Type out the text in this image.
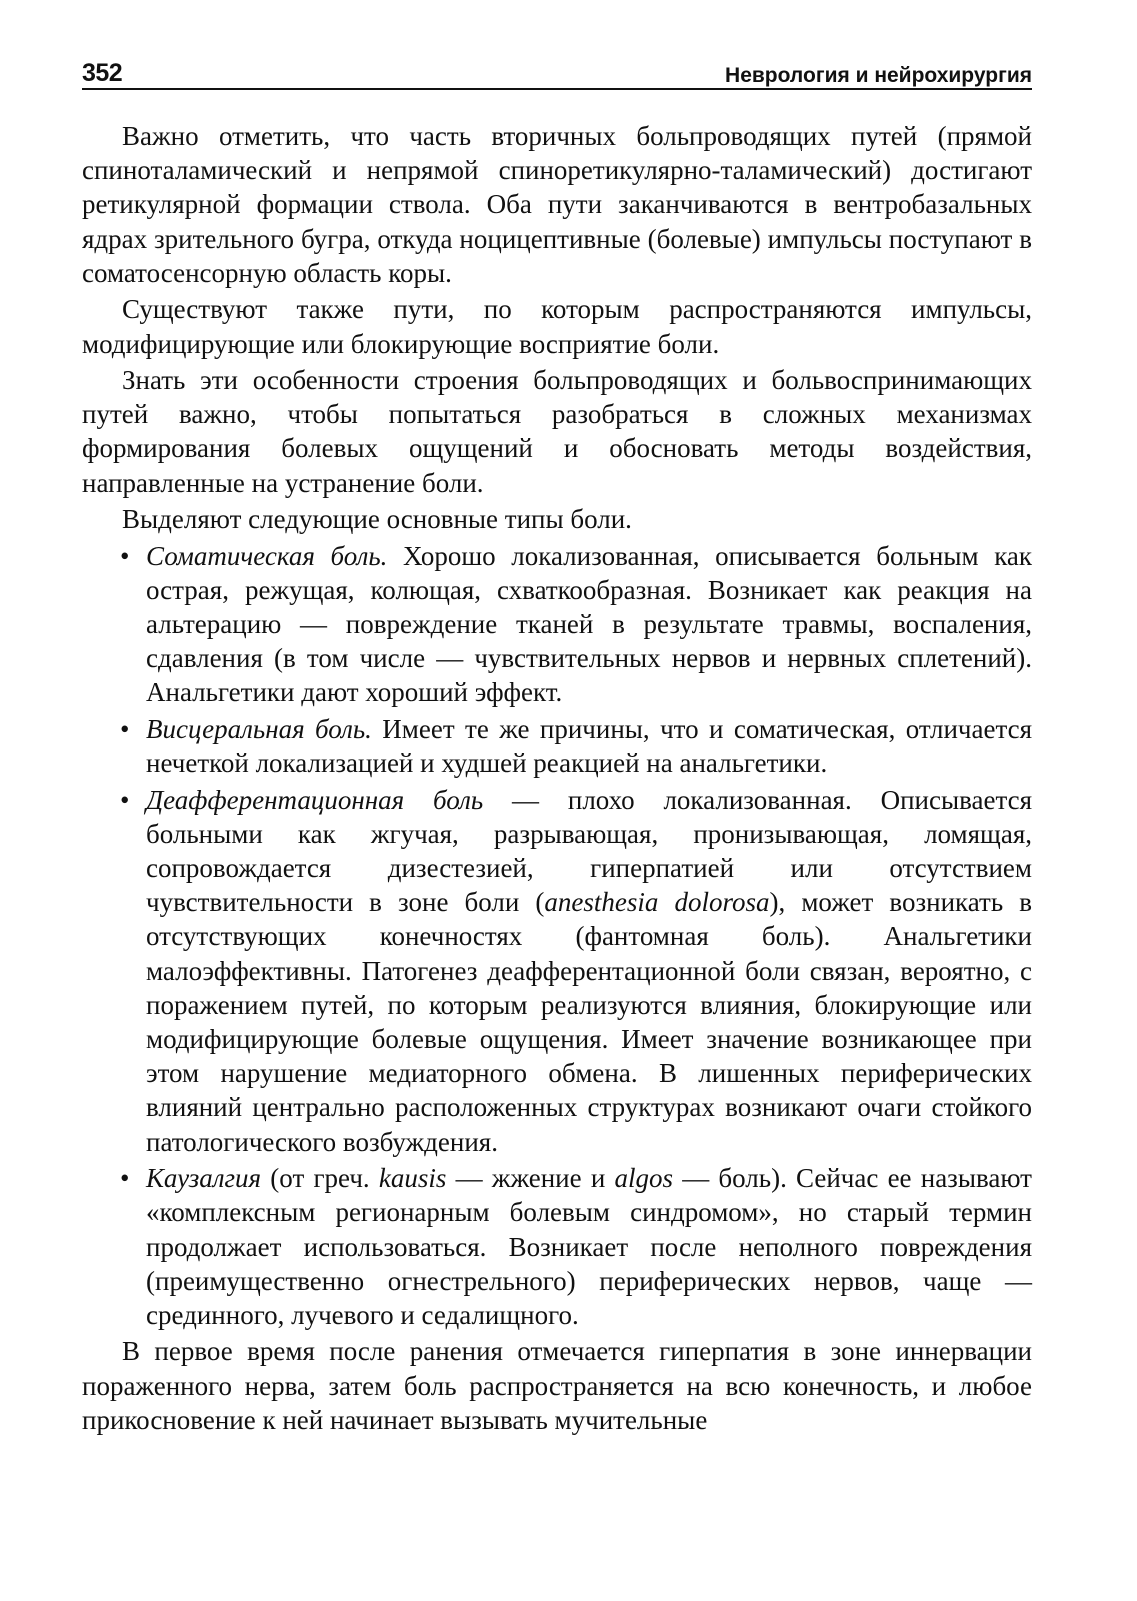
352	Неврология и нейрохирургия

Важно отметить, что часть вторичных больпроводящих путей (прямой спиноталамический и непрямой спиноретикулярно-таламический) достигают ретикулярной формации ствола. Оба пути заканчиваются в вентробазальных ядрах зрительного бугра, откуда ноцицептивные (болевые) импульсы поступают в соматосенсорную область коры.

Существуют также пути, по которым распространяются импульсы, модифицирующие или блокирующие восприятие боли.

Знать эти особенности строения больпроводящих и больвоспринимающих путей важно, чтобы попытаться разобраться в сложных механизмах формирования болевых ощущений и обосновать методы воздействия, направленные на устранение боли.

Выделяют следующие основные типы боли.

• Соматическая боль. Хорошо локализованная, описывается больным как острая, режущая, колющая, схваткообразная. Возникает как реакция на альтерацию — повреждение тканей в результате травмы, воспаления, сдавления (в том числе — чувствительных нервов и нервных сплетений). Анальгетики дают хороший эффект.
• Висцеральная боль. Имеет те же причины, что и соматическая, отличается нечеткой локализацией и худшей реакцией на анальгетики.
• Деафферентационная боль — плохо локализованная. Описывается больными как жгучая, разрывающая, пронизывающая, ломящая, сопровождается дизестезией, гиперпатией или отсутствием чувствительности в зоне боли (anesthesia dolorosa), может возникать в отсутствующих конечностях (фантомная боль). Анальгетики малоэффективны. Патогенез деафферентационной боли связан, вероятно, с поражением путей, по которым реализуются влияния, блокирующие или модифицирующие болевые ощущения. Имеет значение возникающее при этом нарушение медиаторного обмена. В лишенных периферических влияний центрально расположенных структурах возникают очаги стойкого патологического возбуждения.
• Каузалгия (от греч. kausis — жжение и algos — боль). Сейчас ее называют «комплексным регионарным болевым синдромом», но старый термин продолжает использоваться. Возникает после неполного повреждения (преимущественно огнестрельного) периферических нервов, чаще — срединного, лучевого и седалищного.

В первое время после ранения отмечается гиперпатия в зоне иннервации пораженного нерва, затем боль распространяется на всю конечность, и любое прикосновение к ней начинает вызывать мучительные
